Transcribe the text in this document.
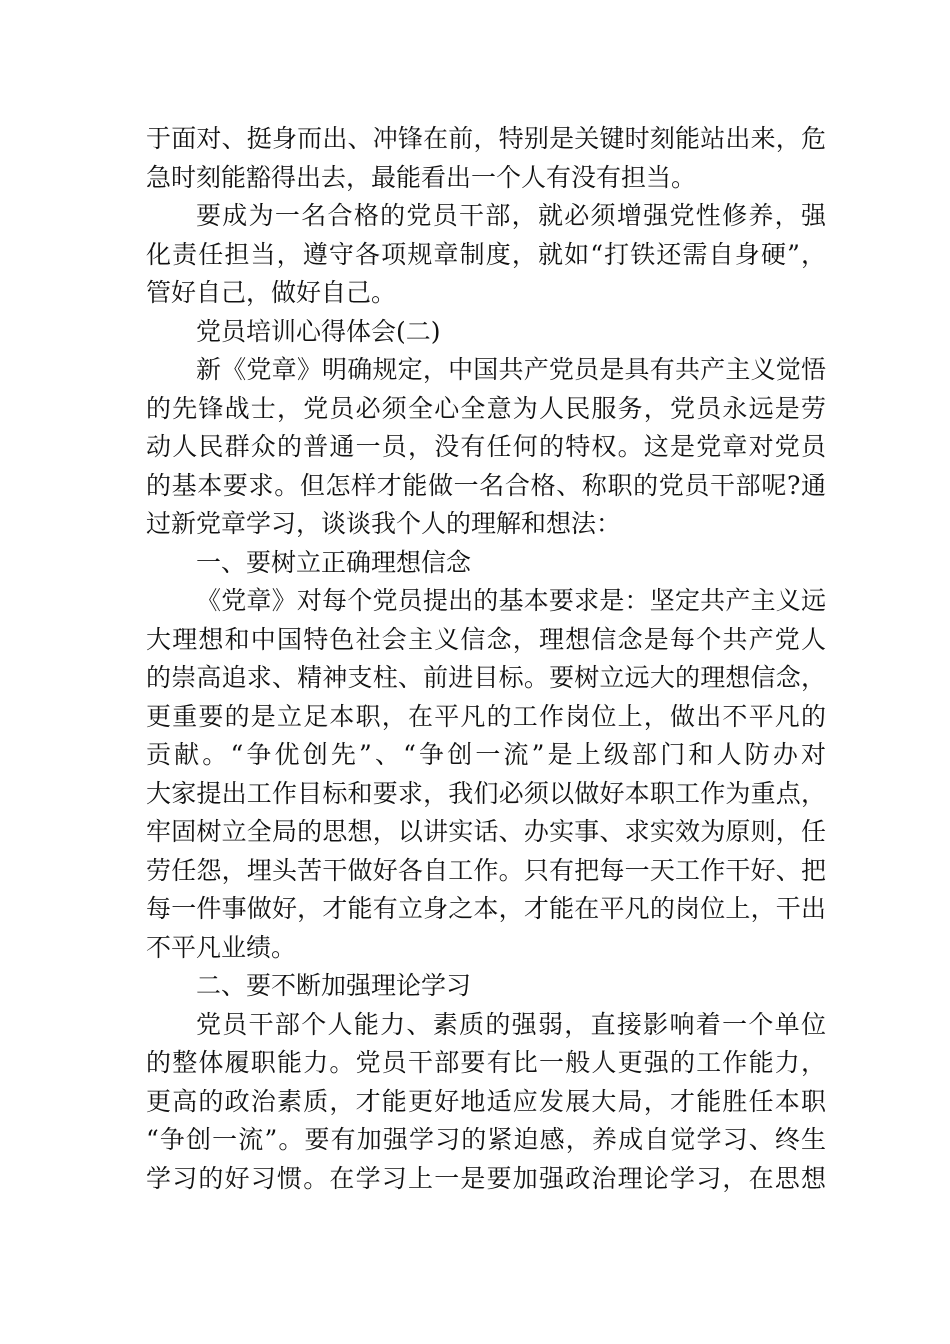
于面对、挺身而出、冲锋在前，特别是关键时刻能站出来，危
急时刻能豁得出去，最能看出一个人有没有担当。
要成为一名合格的党员干部，就必须增强党性修养，强
化责任担当，遵守各项规章制度，就如“打铁还需自身硬”，
管好自己，做好自己。
党员培训心得体会(二)
新《党章》明确规定，中国共产党员是具有共产主义觉悟
的先锋战士，党员必须全心全意为人民服务，党员永远是劳
动人民群众的普通一员，没有任何的特权。这是党章对党员
的基本要求。但怎样才能做一名合格、称职的党员干部呢?通
过新党章学习，谈谈我个人的理解和想法：
一、要树立正确理想信念
《党章》对每个党员提出的基本要求是：坚定共产主义远
大理想和中国特色社会主义信念，理想信念是每个共产党人
的崇高追求、精神支柱、前进目标。要树立远大的理想信念，
更重要的是立足本职，在平凡的工作岗位上，做出不平凡的
贡献。“争优创先”、“争创一流”是上级部门和人防办对
大家提出工作目标和要求，我们必须以做好本职工作为重点，
牢固树立全局的思想，以讲实话、办实事、求实效为原则，任
劳任怨，埋头苦干做好各自工作。只有把每一天工作干好、把
每一件事做好，才能有立身之本，才能在平凡的岗位上，干出
不平凡业绩。
二、要不断加强理论学习
党员干部个人能力、素质的强弱，直接影响着一个单位
的整体履职能力。党员干部要有比一般人更强的工作能力，
更高的政治素质，才能更好地适应发展大局，才能胜任本职
“争创一流”。要有加强学习的紧迫感，养成自觉学习、终生
学习的好习惯。在学习上一是要加强政治理论学习，在思想
